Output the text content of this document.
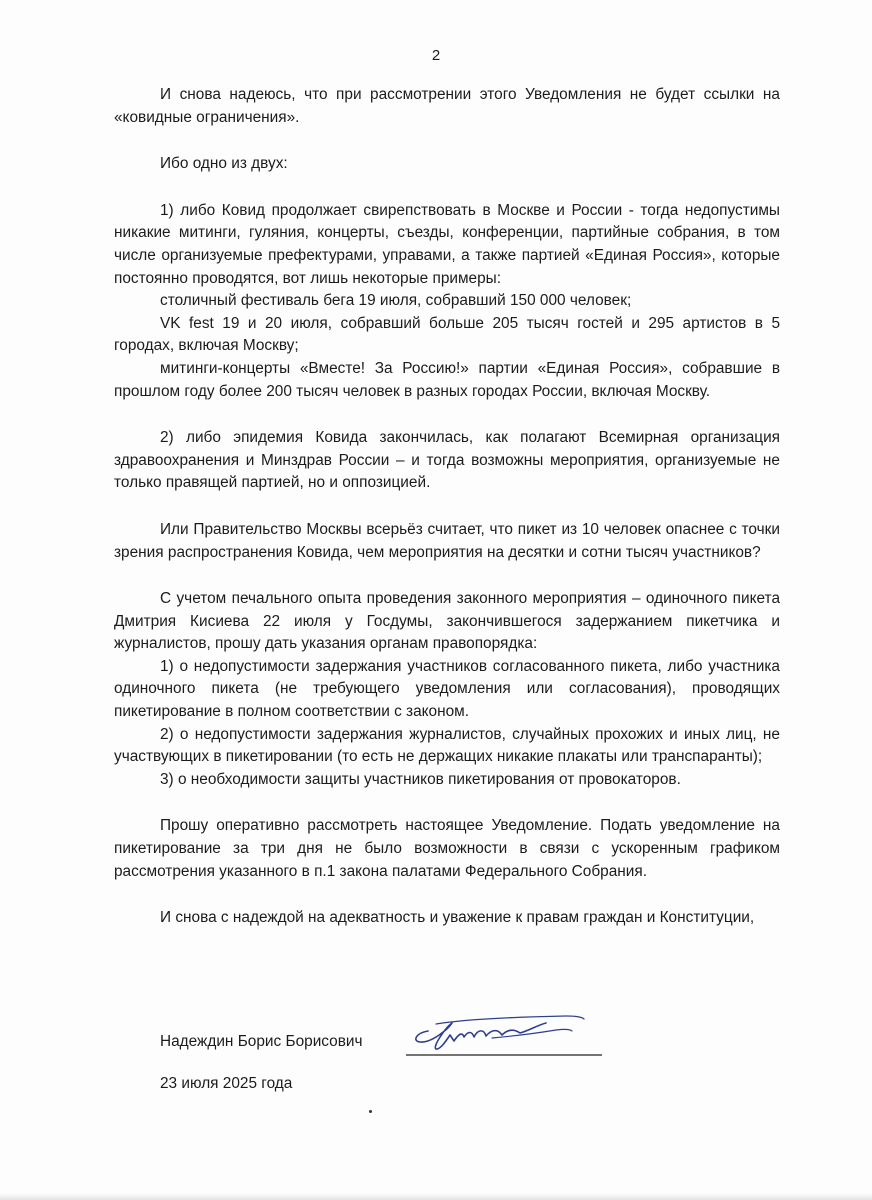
2

И снова надеюсь, что при рассмотрении этого Уведомления не будет ссылки на «ковидные ограничения».

Ибо одно из двух:

1) либо Ковид продолжает свирепствовать в Москве и России - тогда недопустимы никакие митинги, гуляния, концерты, съезды, конференции, партийные собрания, в том числе организуемые префектурами, управами, а также партией «Единая Россия», которые постоянно проводятся, вот лишь некоторые примеры:

столичный фестиваль бега 19 июля, собравший 150 000 человек;

VK fest 19 и 20 июля, собравший больше 205 тысяч гостей и 295 артистов в 5 городах, включая Москву;

митинги-концерты «Вместе! За Россию!» партии «Единая Россия», собравшие в прошлом году более 200 тысяч человек в разных городах России, включая Москву.

2) либо эпидемия Ковида закончилась, как полагают Всемирная организация здравоохранения и Минздрав России – и тогда возможны мероприятия, организуемые не только правящей партией, но и оппозицией.

Или Правительство Москвы всерьёз считает, что пикет из 10 человек опаснее с точки зрения распространения Ковида, чем мероприятия на десятки и сотни тысяч участников?

С учетом печального опыта проведения законного мероприятия – одиночного пикета Дмитрия Кисиева 22 июля у Госдумы, закончившегося задержанием пикетчика и журналистов, прошу дать указания органам правопорядка:

1) о недопустимости задержания участников согласованного пикета, либо участника одиночного пикета (не требующего уведомления или согласования), проводящих пикетирование в полном соответствии с законом.

2) о недопустимости задержания журналистов, случайных прохожих и иных лиц, не участвующих в пикетировании (то есть не держащих никакие плакаты или транспаранты);

3) о необходимости защиты участников пикетирования от провокаторов.

Прошу оперативно рассмотреть настоящее Уведомление. Подать уведомление на пикетирование за три дня не было возможности в связи с ускоренным графиком рассмотрения указанного в п.1 закона палатами Федерального Собрания.

И снова с надеждой на адекватность и уважение к правам граждан и Конституции,

Надеждин Борис Борисович
23 июля 2025 года
